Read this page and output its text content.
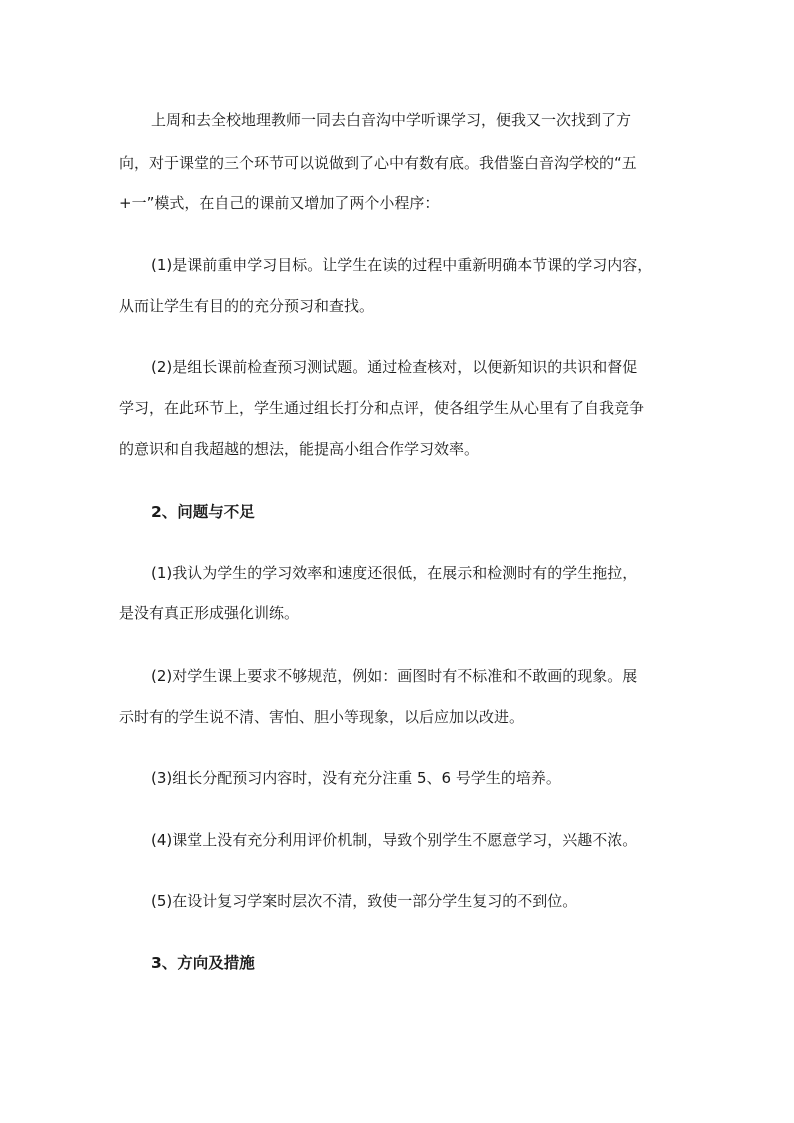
上周和去全校地理教师一同去白音沟中学听课学习，便我又一次找到了方

向，对于课堂的三个环节可以说做到了心中有数有底。我借鉴白音沟学校的“五

+一”模式，在自己的课前又增加了两个小程序：

(1)是课前重申学习目标。让学生在读的过程中重新明确本节课的学习内容，

从而让学生有目的的充分预习和查找。

(2)是组长课前检查预习测试题。通过检查核对，以便新知识的共识和督促

学习，在此环节上，学生通过组长打分和点评，使各组学生从心里有了自我竞争

的意识和自我超越的想法，能提高小组合作学习效率。

2、问题与不足

(1)我认为学生的学习效率和速度还很低，在展示和检测时有的学生拖拉，

是没有真正形成强化训练。

(2)对学生课上要求不够规范，例如：画图时有不标准和不敢画的现象。展

示时有的学生说不清、害怕、胆小等现象，以后应加以改进。

(3)组长分配预习内容时，没有充分注重 5、6 号学生的培养。

(4)课堂上没有充分利用评价机制，导致个别学生不愿意学习，兴趣不浓。

(5)在设计复习学案时层次不清，致使一部分学生复习的不到位。

3、方向及措施
